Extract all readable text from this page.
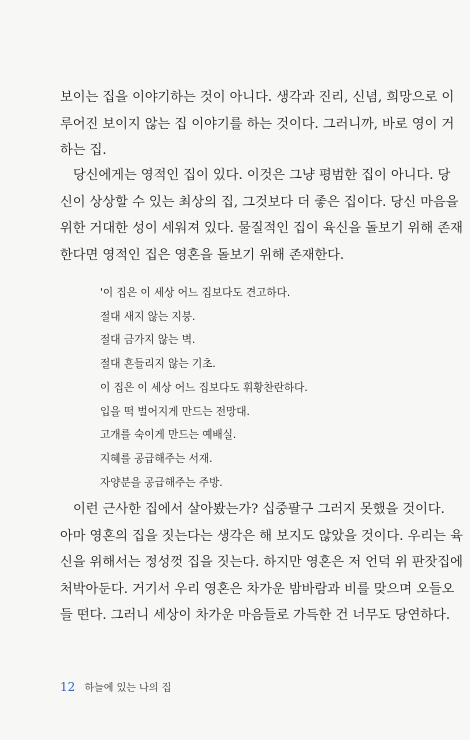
보이는 집을 이야기하는 것이 아니다. 생각과 진리, 신념, 희망으로 이
루어진 보이지 않는 집 이야기를 하는 것이다. 그러니까, 바로 영이 거
하는 집.

당신에게는 영적인 집이 있다. 이것은 그냥 평범한 집이 아니다. 당
신이 상상할 수 있는 최상의 집, 그것보다 더 좋은 집이다. 당신 마음을
위한 거대한 성이 세워져 있다. 물질적인 집이 육신을 돌보기 위해 존재
한다면 영적인 집은 영혼을 돌보기 위해 존재한다.

'이 집은 이 세상 어느 집보다도 견고하다.
절대 새지 않는 지붕.
절대 금가지 않는 벽.
절대 흔들리지 않는 기초.
이 집은 이 세상 어느 집보다도 휘황찬란하다.
입을 떡 벌어지게 만드는 전망대.
고개를 숙이게 만드는 예배실.
지혜를 공급해주는 서재.
자양분을 공급해주는 주방.

이런 근사한 집에서 살아봤는가? 십중팔구 그러지 못했을 것이다.
아마 영혼의 집을 짓는다는 생각은 해 보지도 않았을 것이다. 우리는 육
신을 위해서는 정성껏 집을 짓는다. 하지만 영혼은 저 언덕 위 판잣집에
처박아둔다. 거기서 우리 영혼은 차가운 밤바람과 비를 맞으며 오들오
들 떤다. 그러니 세상이 차가운 마음들로 가득한 건 너무도 당연하다.

12 하늘에 있는 나의 집
